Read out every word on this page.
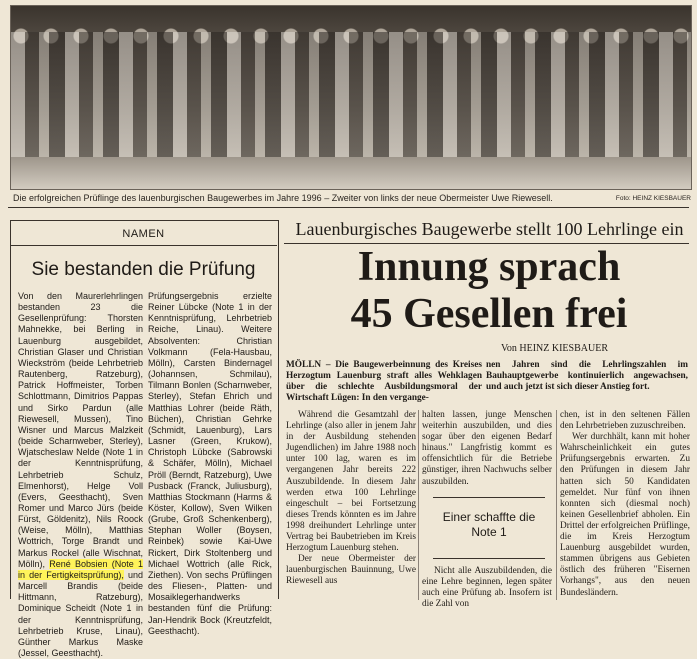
Die erfolgreichen Prüflinge des lauenburgischen Baugewerbes im Jahre 1996 – Zweiter von links der neue Obermeister Uwe Riewesell.	Foto: HEINZ KIESBAUER
NAMEN
Sie bestanden die Prüfung

Von den Maurerlehrlingen bestanden 23 die Gesellenprüfung: Thorsten Mahnekke, bei Berling in Lauenburg ausgebildet, Christian Glaser und Christian Wieckström (beide Lehrbetrieb Rautenberg, Ratzeburg), Patrick Hoffmeister, Torben Schlottmann, Dimitrios Pappas und Sirko Pardun (alle Riewesell, Mussen), Tino Wisner und Marcus Malzkeit (beide Scharnweber, Sterley), Wjatscheslaw Nelde (Note 1 in der Kenntnisprüfung, Lehrbetrieb Schulz, Elmenhorst), Helge Voll (Evers, Geesthacht), Sven Romer und Marco Jürs (beide Fürst, Göldenitz), Nils Roock (Weise, Mölln), Matthias Wottrich, Torge Brandt und Markus Rockel (alle Wischnat, Mölln), René Bobsien (Note 1 in der Fertigkeitsprüfung), und Marcell Brandis (beide Hittmann, Ratzeburg), Dominique Scheidt (Note 1 in der Kenntnisprüfung, Lehrbetrieb Kruse, Linau), Günther Markus Maske (Jessel, Geesthacht).

Prüfungsergebnis erzielte Reiner Lübcke (Note 1 in der Kenntnisprüfung, Lehrbetrieb Reiche, Linau). Weitere Absolventen: Christian Volkmann (Fela-Hausbau, Mölln), Carsten Bindernagel (Johannsen, Schmilau), Tilmann Bonlen (Scharnweber, Sterley), Stefan Ehrich und Matthias Lohrer (beide Räth, Büchen), Christian Gehrke (Schmidt, Lauenburg), Lars Lasner (Green, Krukow), Christoph Lübcke (Sabrowski & Schäfer, Mölln), Michael Pröll (Berndt, Ratzeburg), Uwe Pusback (Franck, Juliusburg), Matthias Stockmann (Harms & Köster, Kollow), Sven Wilken (Grube, Groß Schenkenberg), Stephan Woller (Boysen, Reinbek) sowie Kai-Uwe Rickert, Dirk Stoltenberg und Michael Wottrich (alle Rick, Ziethen). Von sechs Prüflingen des Fliesen-, Platten- und Mosaiklegerhandwerks bestanden fünf die Prüfung: Jan-Hendrik Bock (Kreutzfeldt, Geesthacht).

Lauenburgisches Baugewerbe stellt 100 Lehrlinge ein
Innung sprach
45 Gesellen frei
Von HEINZ KIESBAUER
MÖLLN – Die Baugewerbeinnung des Kreises Herzogtum Lauenburg straft alles Wehklagen über die schlechte Ausbildungsmoral der Wirtschaft Lügen: In den vergange-
nen Jahren sind die Lehrlingszahlen im Bauhauptgewerbe kontinuierlich angewachsen, und auch jetzt ist sich dieser Anstieg fort.

Während die Gesamtzahl der Lehrlinge (also aller in jenem Jahr in der Ausbildung stehenden Jugendlichen) im Jahre 1988 noch unter 100 lag, waren es im vergangenen Jahr bereits 222 Auszubildende. In diesem Jahr werden etwa 100 Lehrlinge eingeschult – bei Fortsetzung dieses Trends könnten es im Jahre 1998 dreihundert Lehrlinge unter Vertrag bei Baubetrieben im Kreis Herzogtum Lauenburg stehen.

Der neue Obermeister der lauenburgischen Bauinnung, Uwe Riewesell aus

halten lassen, junge Menschen weiterhin auszubilden, und dies sogar über den eigenen Bedarf hinaus." Langfristig kommt es offensichtlich für die Betriebe günstiger, ihren Nachwuchs selber auszubilden.

Einer schaffte die Note 1

Nicht alle Auszubildenden, die eine Lehre beginnen, legen später auch eine Prüfung ab. Insofern ist die Zahl von

chen, ist in den seltenen Fällen den Lehrbetrieben zuzuschreiben.

Wer durchhält, kann mit hoher Wahrscheinlichkeit ein gutes Prüfungsergebnis erwarten. Zu den Prüfungen in diesem Jahr hatten sich 50 Kandidaten gemeldet. Nur fünf von ihnen konnten sich (diesmal noch) keinen Gesellenbrief abholen. Ein Drittel der erfolgreichen Prüflinge, die im Kreis Herzogtum Lauenburg ausgebildet wurden, stammen übrigens aus Gebieten östlich des früheren "Eisernen Vorhangs", aus den neuen Bundesländern.
